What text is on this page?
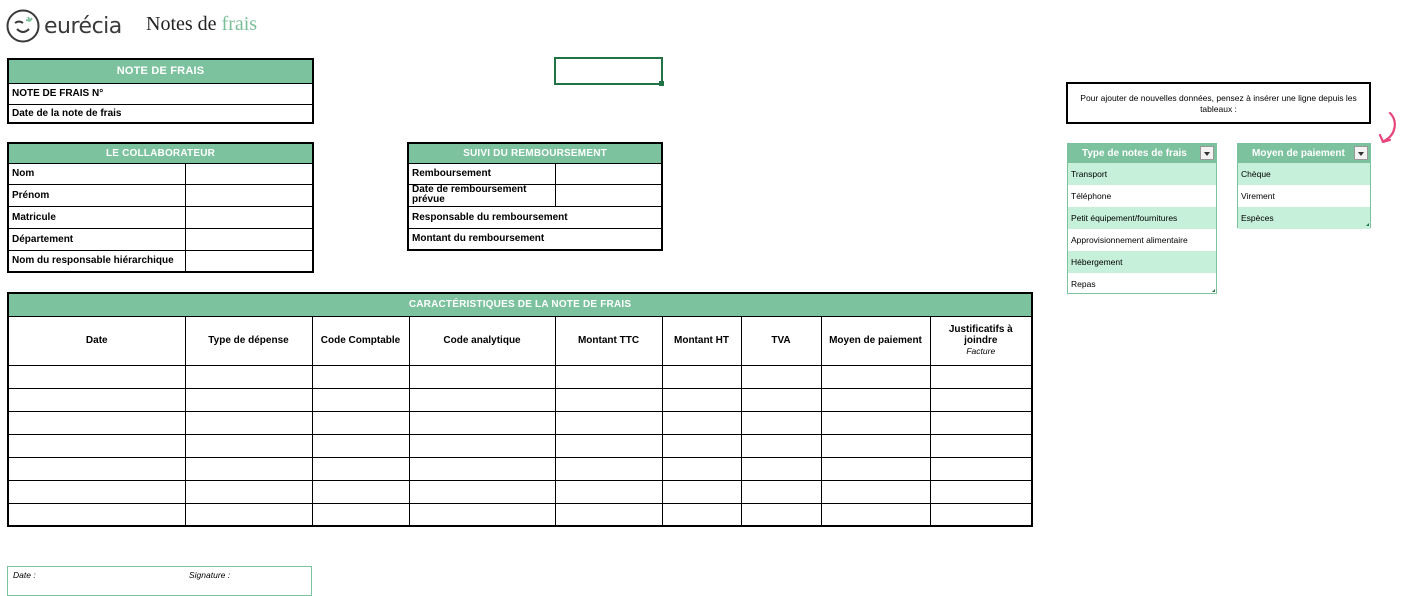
eurécia Notes de frais
NOTE DE FRAIS
NOTE DE FRAIS N°
Date de la note de frais
LE COLLABORATEUR	
Nom	
Prénom	
Matricule	
Département	
Nom du responsable hiérarchique	
SUIVI DU REMBOURSEMENT	
Remboursement	
Date de remboursement prévue	
Responsable du remboursement	
Montant du remboursement	
CARACTÉRISTIQUES DE LA NOTE DE FRAIS								
Date	Type de dépense	Code Comptable	Code analytique	Montant TTC	Montant HT	TVA	Moyen de paiement	Justificatifs à joindre
Facture

Pour ajouter de nouvelles données, pensez à insérer une ligne depuis les tableaux :
Type de notes de frais
Transport
Téléphone
Petit équipement/fournitures
Approvisionnement alimentaire
Hébergement
Repas
Moyen de paiement
Chèque
Virement
Espèces
Date :	Signature :
